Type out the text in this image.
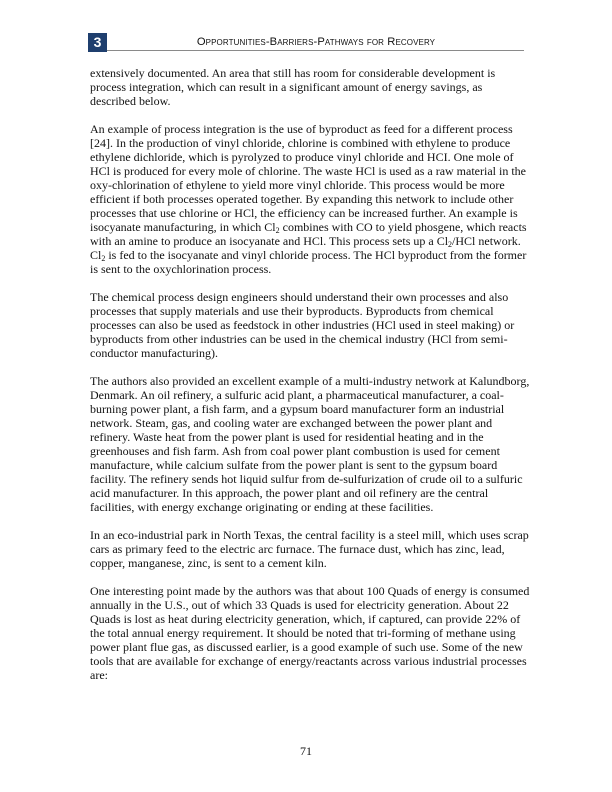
3	Opportunities-Barriers-Pathways for Recovery

extensively documented. An area that still has room for considerable development is process integration, which can result in a significant amount of energy savings, as described below.

An example of process integration is the use of byproduct as feed for a different process [24]. In the production of vinyl chloride, chlorine is combined with ethylene to produce ethylene dichloride, which is pyrolyzed to produce vinyl chloride and HCI. One mole of HCl is produced for every mole of chlorine. The waste HCl is used as a raw material in the oxy-chlorination of ethylene to yield more vinyl chloride. This process would be more efficient if both processes operated together. By expanding this network to include other processes that use chlorine or HCl, the efficiency can be increased further. An example is isocyanate manufacturing, in which $Cl_2$ combines with CO to yield phosgene, which reacts with an amine to produce an isocyanate and HCl. This process sets up a $Cl_2$/HCl network. $Cl_2$ is fed to the isocyanate and vinyl chloride process. The HCl byproduct from the former is sent to the oxychlorination process.

The chemical process design engineers should understand their own processes and also processes that supply materials and use their byproducts. Byproducts from chemical processes can also be used as feedstock in other industries (HCl used in steel making) or byproducts from other industries can be used in the chemical industry (HCl from semi-conductor manufacturing).

The authors also provided an excellent example of a multi-industry network at Kalundborg, Denmark. An oil refinery, a sulfuric acid plant, a pharmaceutical manufacturer, a coal-burning power plant, a fish farm, and a gypsum board manufacturer form an industrial network. Steam, gas, and cooling water are exchanged between the power plant and refinery. Waste heat from the power plant is used for residential heating and in the greenhouses and fish farm. Ash from coal power plant combustion is used for cement manufacture, while calcium sulfate from the power plant is sent to the gypsum board facility. The refinery sends hot liquid sulfur from de-sulfurization of crude oil to a sulfuric acid manufacturer. In this approach, the power plant and oil refinery are the central facilities, with energy exchange originating or ending at these facilities.

In an eco-industrial park in North Texas, the central facility is a steel mill, which uses scrap cars as primary feed to the electric arc furnace. The furnace dust, which has zinc, lead, copper, manganese, zinc, is sent to a cement kiln.

One interesting point made by the authors was that about 100 Quads of energy is consumed annually in the U.S., out of which 33 Quads is used for electricity generation. About 22 Quads is lost as heat during electricity generation, which, if captured, can provide 22% of the total annual energy requirement. It should be noted that tri-forming of methane using power plant flue gas, as discussed earlier, is a good example of such use. Some of the new tools that are available for exchange of energy/reactants across various industrial processes are:

71
